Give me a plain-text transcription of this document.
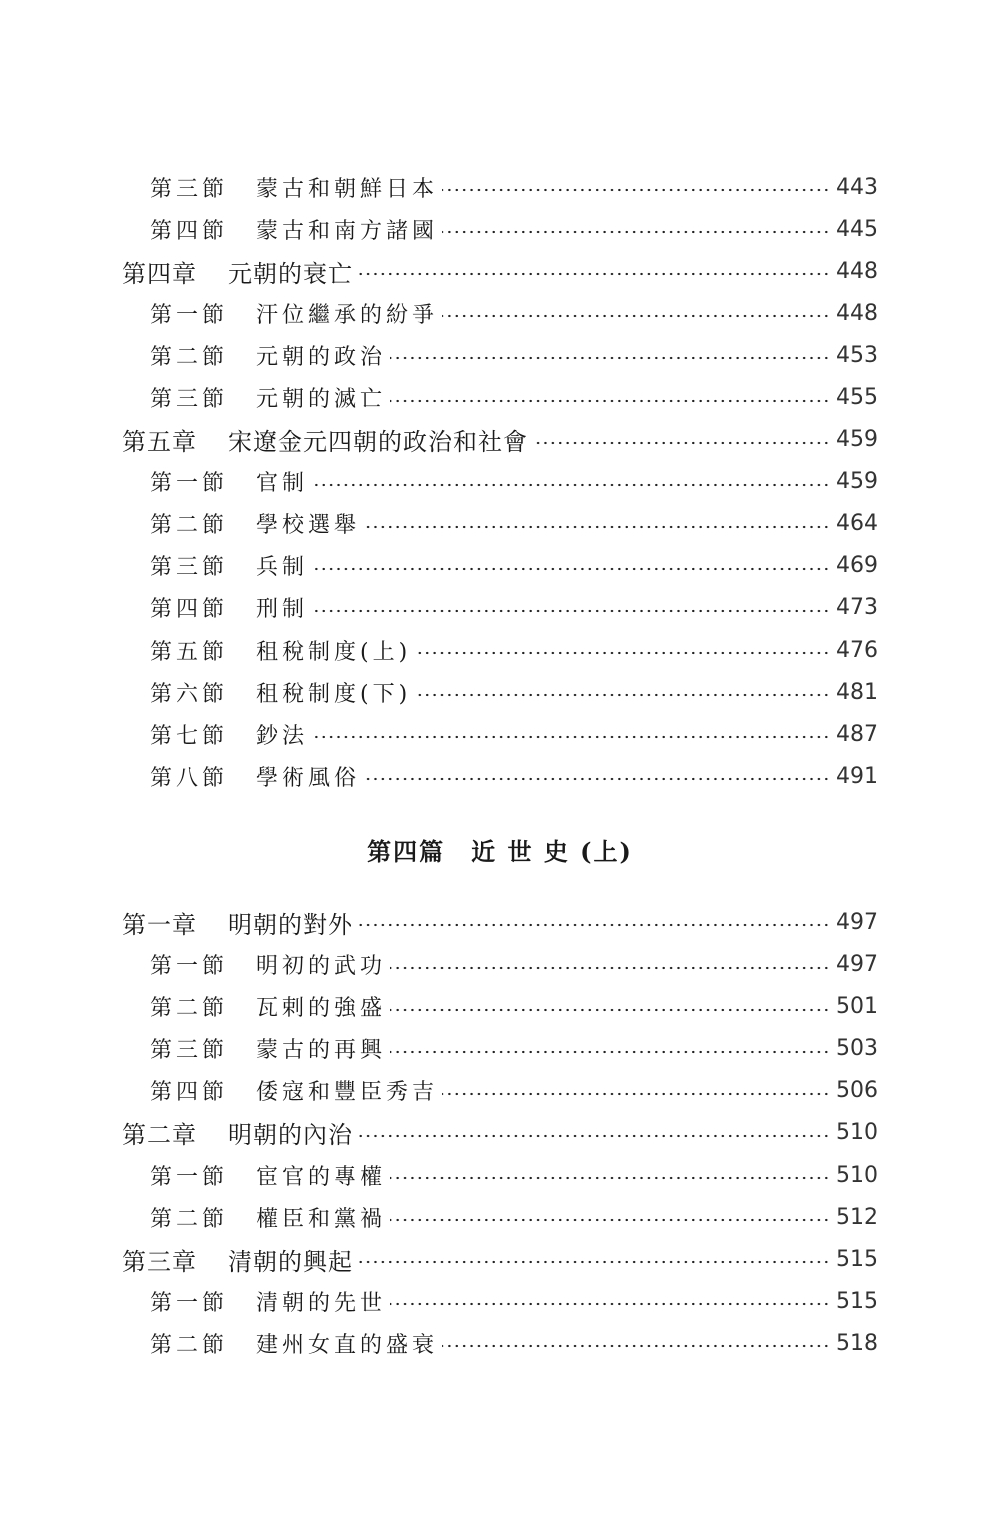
第三節 蒙古和朝鮮日本	443
第四節 蒙古和南方諸國	445
第四章 元朝的衰亡	448
第一節 汗位繼承的紛爭	448
第二節 元朝的政治	453
第三節 元朝的滅亡	455
第五章 宋遼金元四朝的政治和社會	459
第一節 官制	459
第二節 學校選舉	464
第三節 兵制	469
第四節 刑制	473
第五節 租稅制度(上)	476
第六節 租稅制度(下)	481
第七節 鈔法	487
第八節 學術風俗	491
第四篇　近 世 史 (上)
第一章 明朝的對外	497
第一節 明初的武功	497
第二節 瓦剌的強盛	501
第三節 蒙古的再興	503
第四節 倭寇和豐臣秀吉	506
第二章 明朝的內治	510
第一節 宦官的專權	510
第二節 權臣和黨禍	512
第三章 清朝的興起	515
第一節 清朝的先世	515
第二節 建州女直的盛衰	518
